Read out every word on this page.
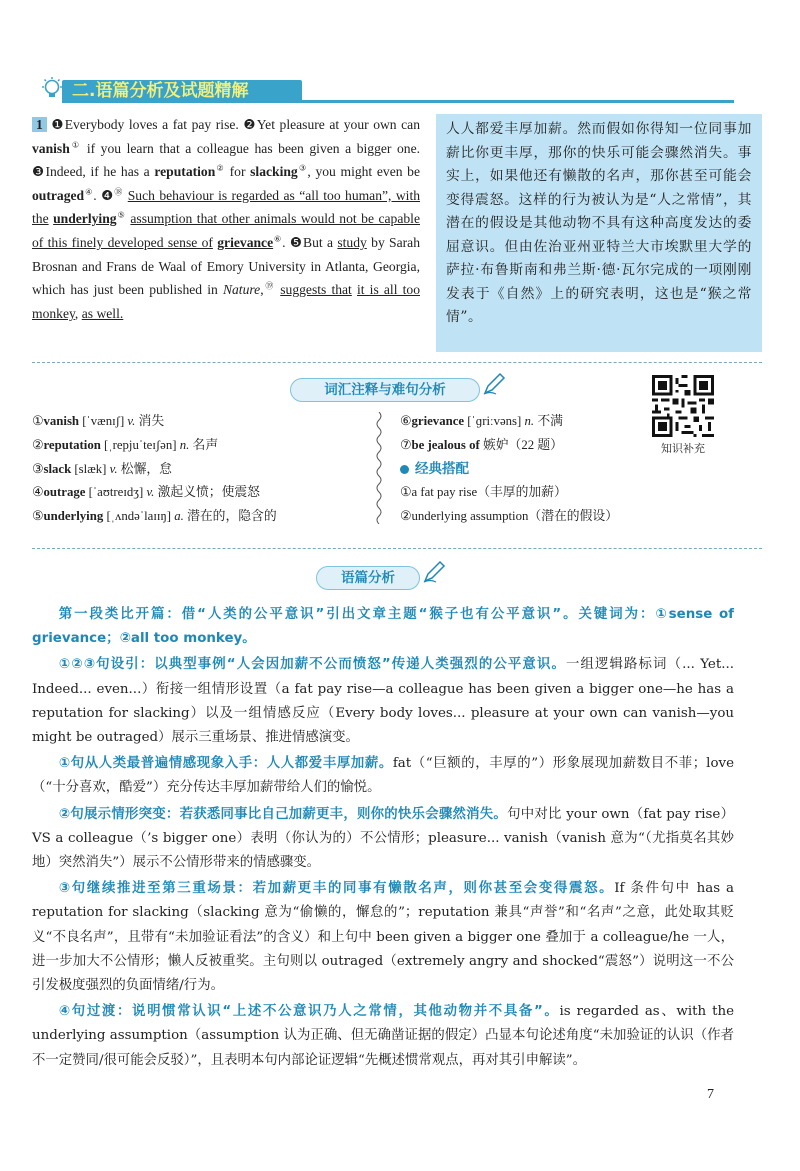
二.语篇分析及试题精解
1 ❶Everybody loves a fat pay rise. ❷Yet pleasure at your own can vanish① if you learn that a colleague has been given a bigger one. ❸Indeed, if he has a reputation② for slacking③, you might even be outraged④. ❹⑱ Such behaviour is regarded as “all too human”, with the underlying⑤ assumption that other animals would not be capable of this finely developed sense of grievance⑥. ❺But a study by Sarah Brosnan and Frans de Waal of Emory University in Atlanta, Georgia, which has just been published in Nature,⑲ suggests that it is all too monkey, as well.
人人都爱丰厚加薪。然而假如你得知一位同事加薪比你更丰厚，那你的快乐可能会骤然消失。事实上，如果他还有懒散的名声，那你甚至可能会变得震怒。这样的行为被认为是“人之常情”，其潜在的假设是其他动物不具有这种高度发达的委屈意识。但由佐治亚州亚特兰大市埃默里大学的萨拉·布鲁斯南和弗兰斯·德·瓦尔完成的一项刚刚发表于《自然》上的研究表明，这也是“猴之常情”。
词汇注释与难句分析
①vanish [ˈvænɪʃ] v. 消失
②reputation [ˌrepjuˈteɪʃən] n. 名声
③slack [slæk] v. 松懈，怠
④outrage [ˈaʊtreɪdʒ] v. 激起义愤；使震怒
⑤underlying [ˌʌndəˈlaɪɪŋ] a. 潜在的，隐含的
⑥grievance [ˈɡriːvəns] n. 不满
⑦be jealous of 嫉妒（22 题）
经典搭配
①a fat pay rise（丰厚的加薪）
②underlying assumption（潜在的假设）
知识补充
语篇分析

第一段类比开篇：借“人类的公平意识”引出文章主题“猴子也有公平意识”。关键词为：①sense of grievance；②all too monkey。

①②③句设引：以典型事例“人会因加薪不公而愤怒”传递人类强烈的公平意识。一组逻辑路标词（... Yet... Indeed... even...）衔接一组情形设置（a fat pay rise—a colleague has been given a bigger one—he has a reputation for slacking）以及一组情感反应（Every body loves... pleasure at your own can vanish—you might be outraged）展示三重场景、推进情感演变。

①句从人类最普遍情感现象入手：人人都爱丰厚加薪。fat（“巨额的，丰厚的”）形象展现加薪数目不菲；love（“十分喜欢，酷爱”）充分传达丰厚加薪带给人们的愉悦。

②句展示情形突变：若获悉同事比自己加薪更丰，则你的快乐会骤然消失。句中对比 your own（fat pay rise）VS a colleague（’s bigger one）表明（你认为的）不公情形；pleasure... vanish（vanish 意为“（尤指莫名其妙地）突然消失”）展示不公情形带来的情感骤变。

③句继续推进至第三重场景：若加薪更丰的同事有懒散名声，则你甚至会变得震怒。If 条件句中 has a reputation for slacking（slacking 意为“偷懒的，懈怠的”；reputation 兼具“声誉”和“名声”之意，此处取其贬义“不良名声”，且带有“未加验证看法”的含义）和上句中 been given a bigger one 叠加于 a colleague/he 一人，进一步加大不公情形；懒人反被重奖。主句则以 outraged（extremely angry and shocked“震怒”）说明这一不公引发极度强烈的负面情绪/行为。

④句过渡：说明惯常认识“上述不公意识乃人之常情，其他动物并不具备”。is regarded as、with the underlying assumption（assumption 认为正确、但无确凿证据的假定）凸显本句论述角度“未加验证的认识（作者不一定赞同/很可能会反驳）”，且表明本句内部论证逻辑“先概述惯常观点，再对其引申解读”。

7
